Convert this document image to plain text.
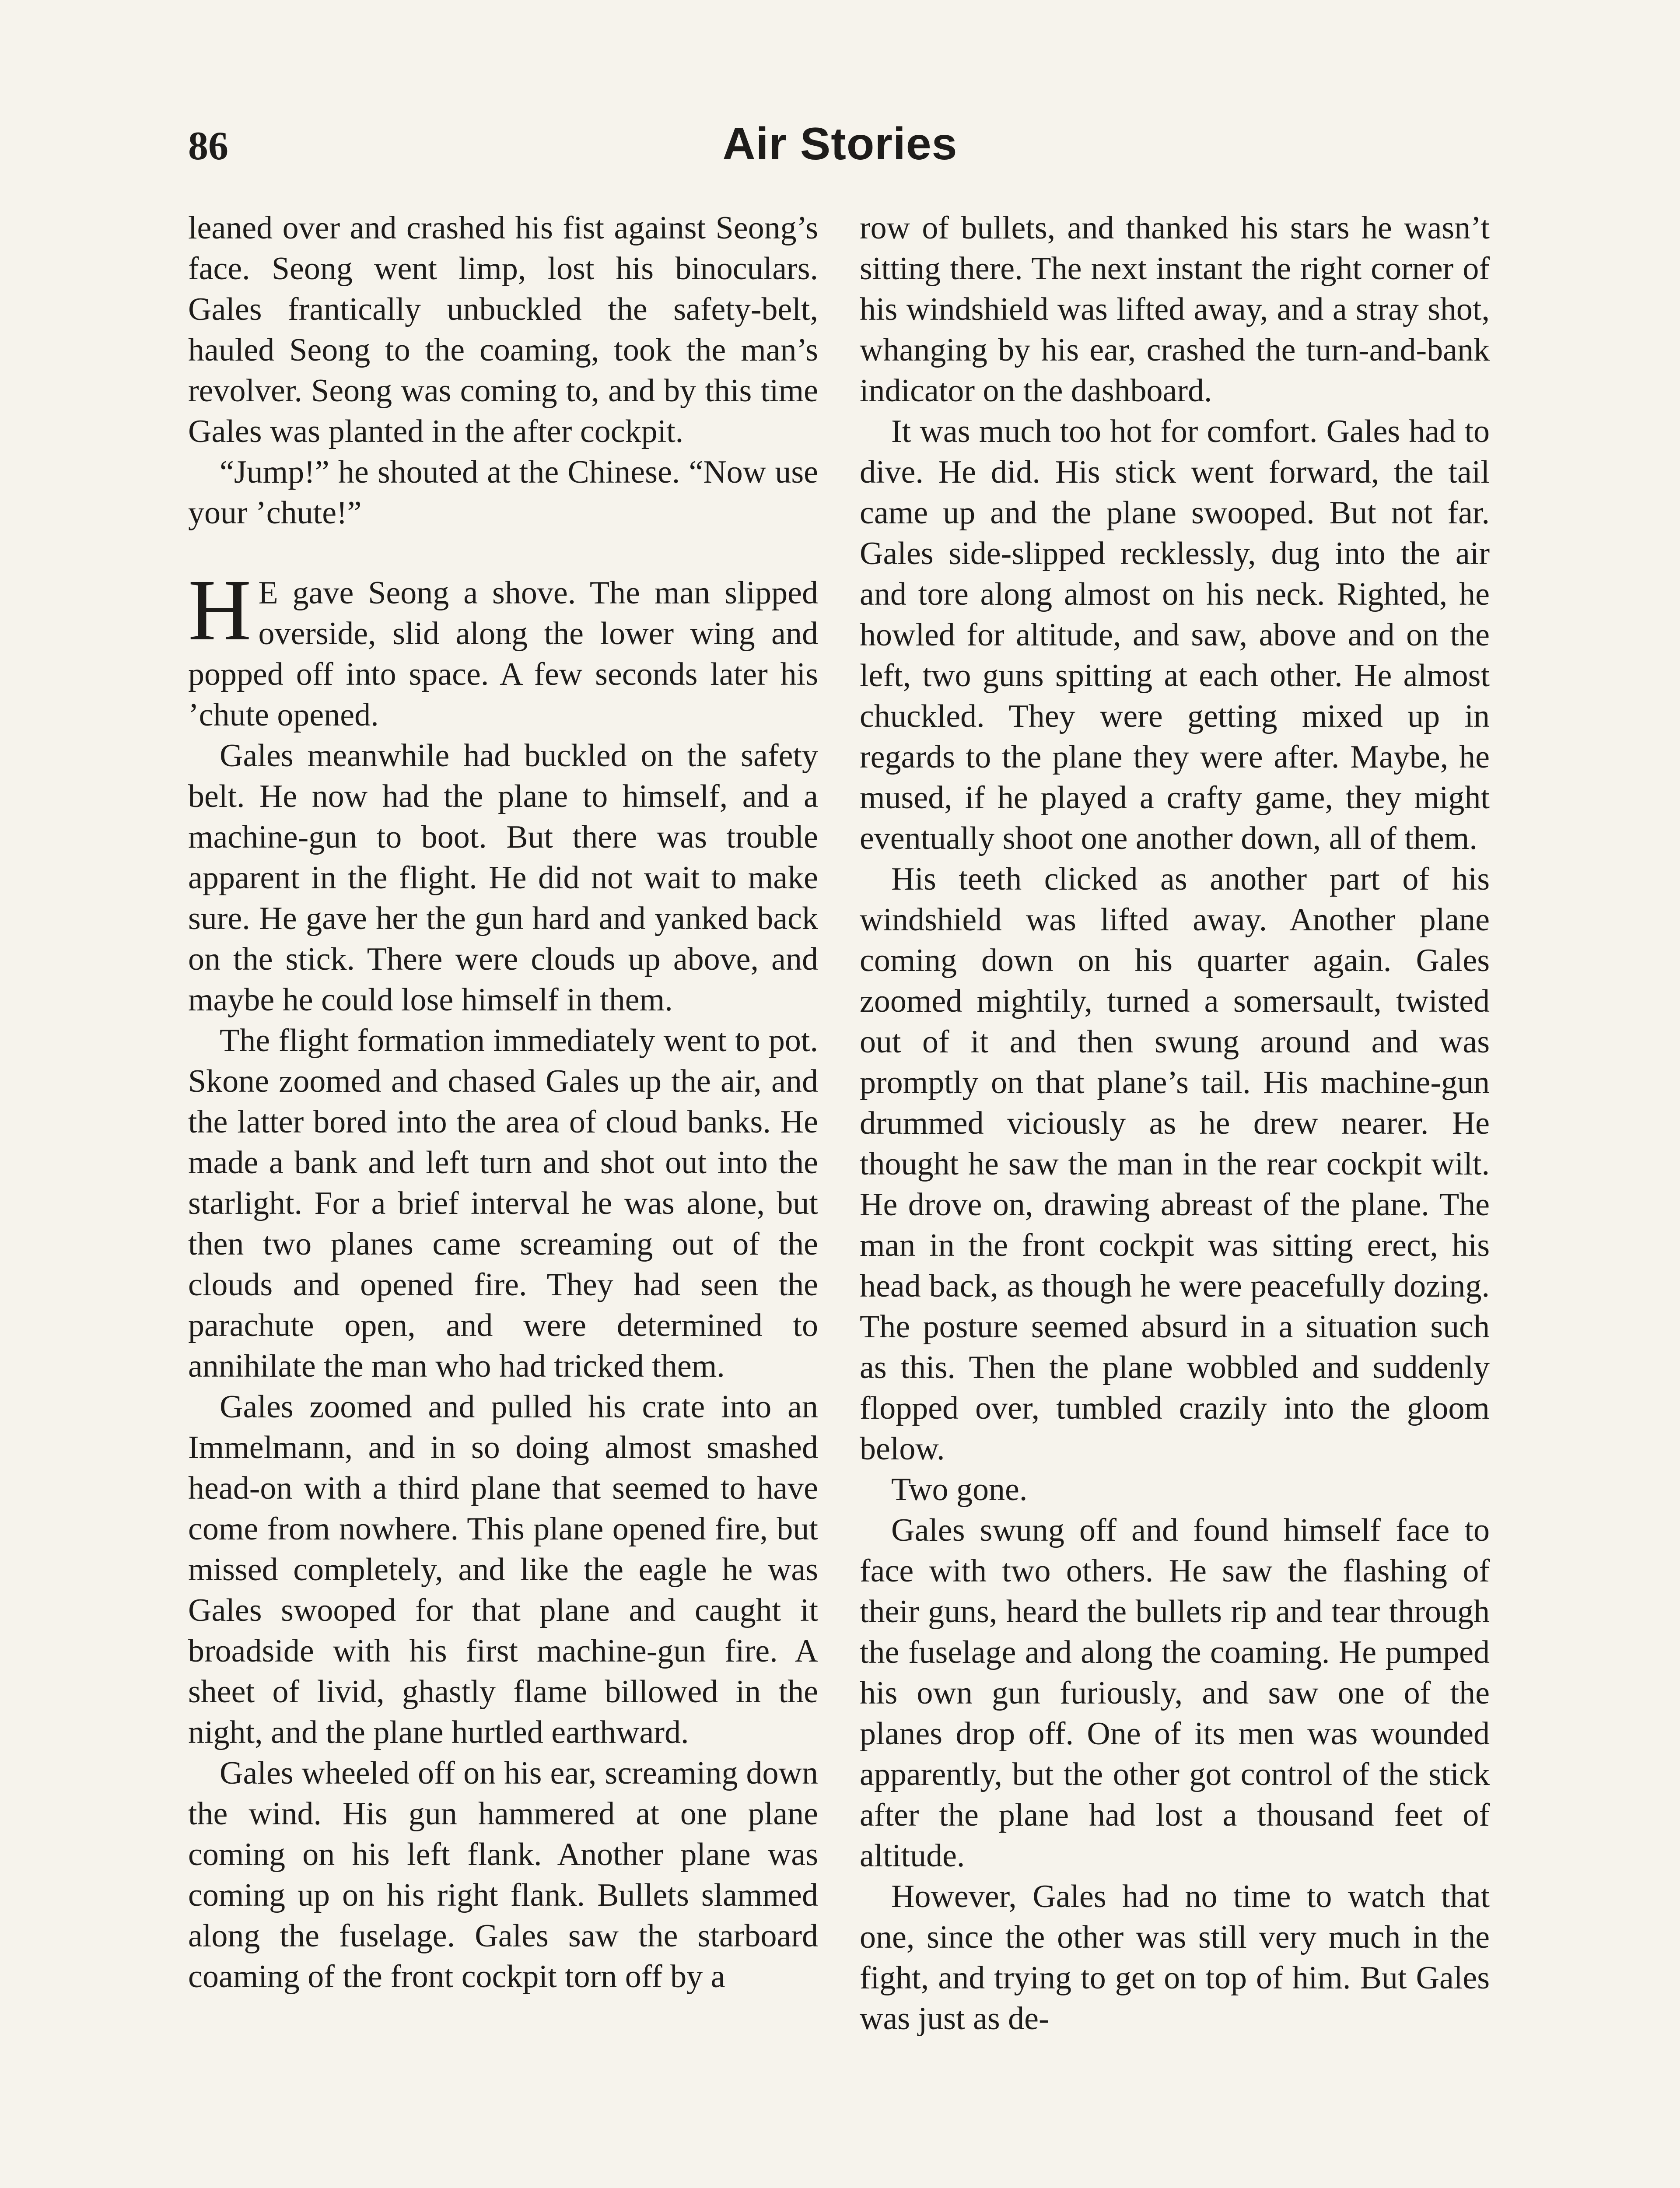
86	Air Stories

leaned over and crashed his fist against Seong’s face. Seong went limp, lost his binoculars. Gales frantically unbuckled the safety-belt, hauled Seong to the coaming, took the man’s revolver. Seong was coming to, and by this time Gales was planted in the after cockpit.

“Jump!” he shouted at the Chinese. “Now use your ’chute!”

H E gave Seong a shove. The man slipped overside, slid along the lower wing and popped off into space. A few seconds later his ’chute opened.

Gales meanwhile had buckled on the safety belt. He now had the plane to himself, and a machine-gun to boot. But there was trouble apparent in the flight. He did not wait to make sure. He gave her the gun hard and yanked back on the stick. There were clouds up above, and maybe he could lose himself in them.

The flight formation immediately went to pot. Skone zoomed and chased Gales up the air, and the latter bored into the area of cloud banks. He made a bank and left turn and shot out into the starlight. For a brief interval he was alone, but then two planes came screaming out of the clouds and opened fire. They had seen the parachute open, and were determined to annihilate the man who had tricked them.

Gales zoomed and pulled his crate into an Immelmann, and in so doing almost smashed head-on with a third plane that seemed to have come from nowhere. This plane opened fire, but missed completely, and like the eagle he was Gales swooped for that plane and caught it broadside with his first machine-gun fire. A sheet of livid, ghastly flame billowed in the night, and the plane hurtled earthward.

Gales wheeled off on his ear, screaming down the wind. His gun hammered at one plane coming on his left flank. Another plane was coming up on his right flank. Bullets slammed along the fuselage. Gales saw the starboard coaming of the front cockpit torn off by a

row of bullets, and thanked his stars he wasn’t sitting there. The next instant the right corner of his windshield was lifted away, and a stray shot, whanging by his ear, crashed the turn-and-bank indicator on the dashboard.

It was much too hot for comfort. Gales had to dive. He did. His stick went forward, the tail came up and the plane swooped. But not far. Gales side-slipped recklessly, dug into the air and tore along almost on his neck. Righted, he howled for altitude, and saw, above and on the left, two guns spitting at each other. He almost chuckled. They were getting mixed up in regards to the plane they were after. Maybe, he mused, if he played a crafty game, they might eventually shoot one another down, all of them.

His teeth clicked as another part of his windshield was lifted away. Another plane coming down on his quarter again. Gales zoomed mightily, turned a somersault, twisted out of it and then swung around and was promptly on that plane’s tail. His machine-gun drummed viciously as he drew nearer. He thought he saw the man in the rear cockpit wilt. He drove on, drawing abreast of the plane. The man in the front cockpit was sitting erect, his head back, as though he were peacefully dozing. The posture seemed absurd in a situation such as this. Then the plane wobbled and suddenly flopped over, tumbled crazily into the gloom below.

Two gone.

Gales swung off and found himself face to face with two others. He saw the flashing of their guns, heard the bullets rip and tear through the fuselage and along the coaming. He pumped his own gun furiously, and saw one of the planes drop off. One of its men was wounded apparently, but the other got control of the stick after the plane had lost a thousand feet of altitude.

However, Gales had no time to watch that one, since the other was still very much in the fight, and trying to get on top of him. But Gales was just as de-
